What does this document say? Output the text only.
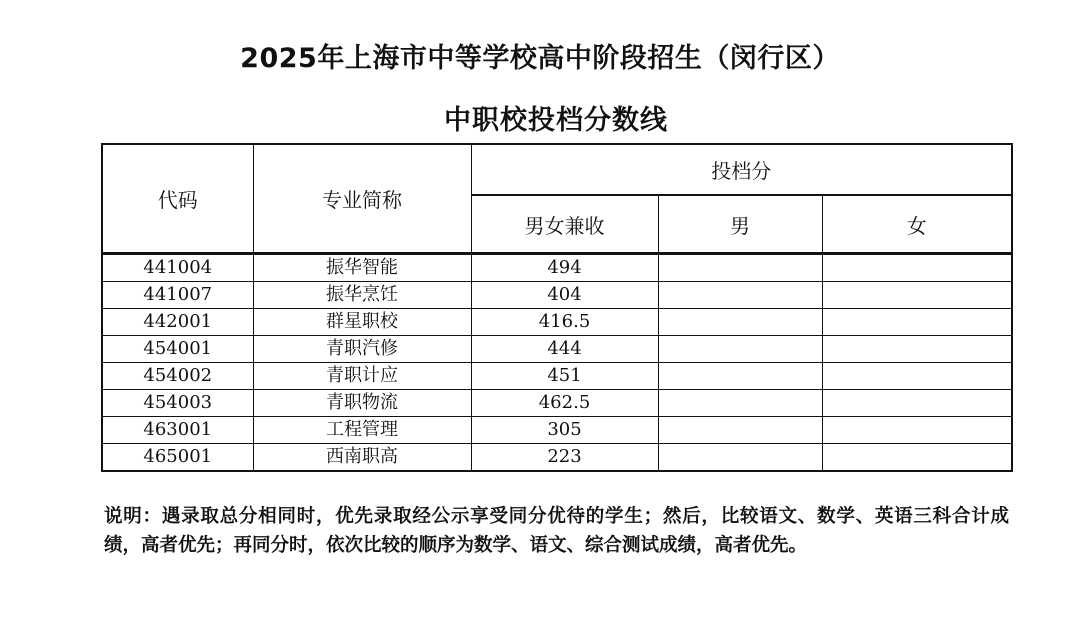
2025年上海市中等学校高中阶段招生（闵行区）
中职校投档分数线
代码	专业简称	投档分		
		男女兼收	男	女
441004	振华智能	494		
441007	振华烹饪	404		
442001	群星职校	416.5		
454001	青职汽修	444		
454002	青职计应	451		
454003	青职物流	462.5		
463001	工程管理	305		
465001	西南职高	223		
说明：遇录取总分相同时，优先录取经公示享受同分优待的学生；然后，比较语文、数学、英语三科合计成绩，高者优先；再同分时，依次比较的顺序为数学、语文、综合测试成绩，高者优先。
